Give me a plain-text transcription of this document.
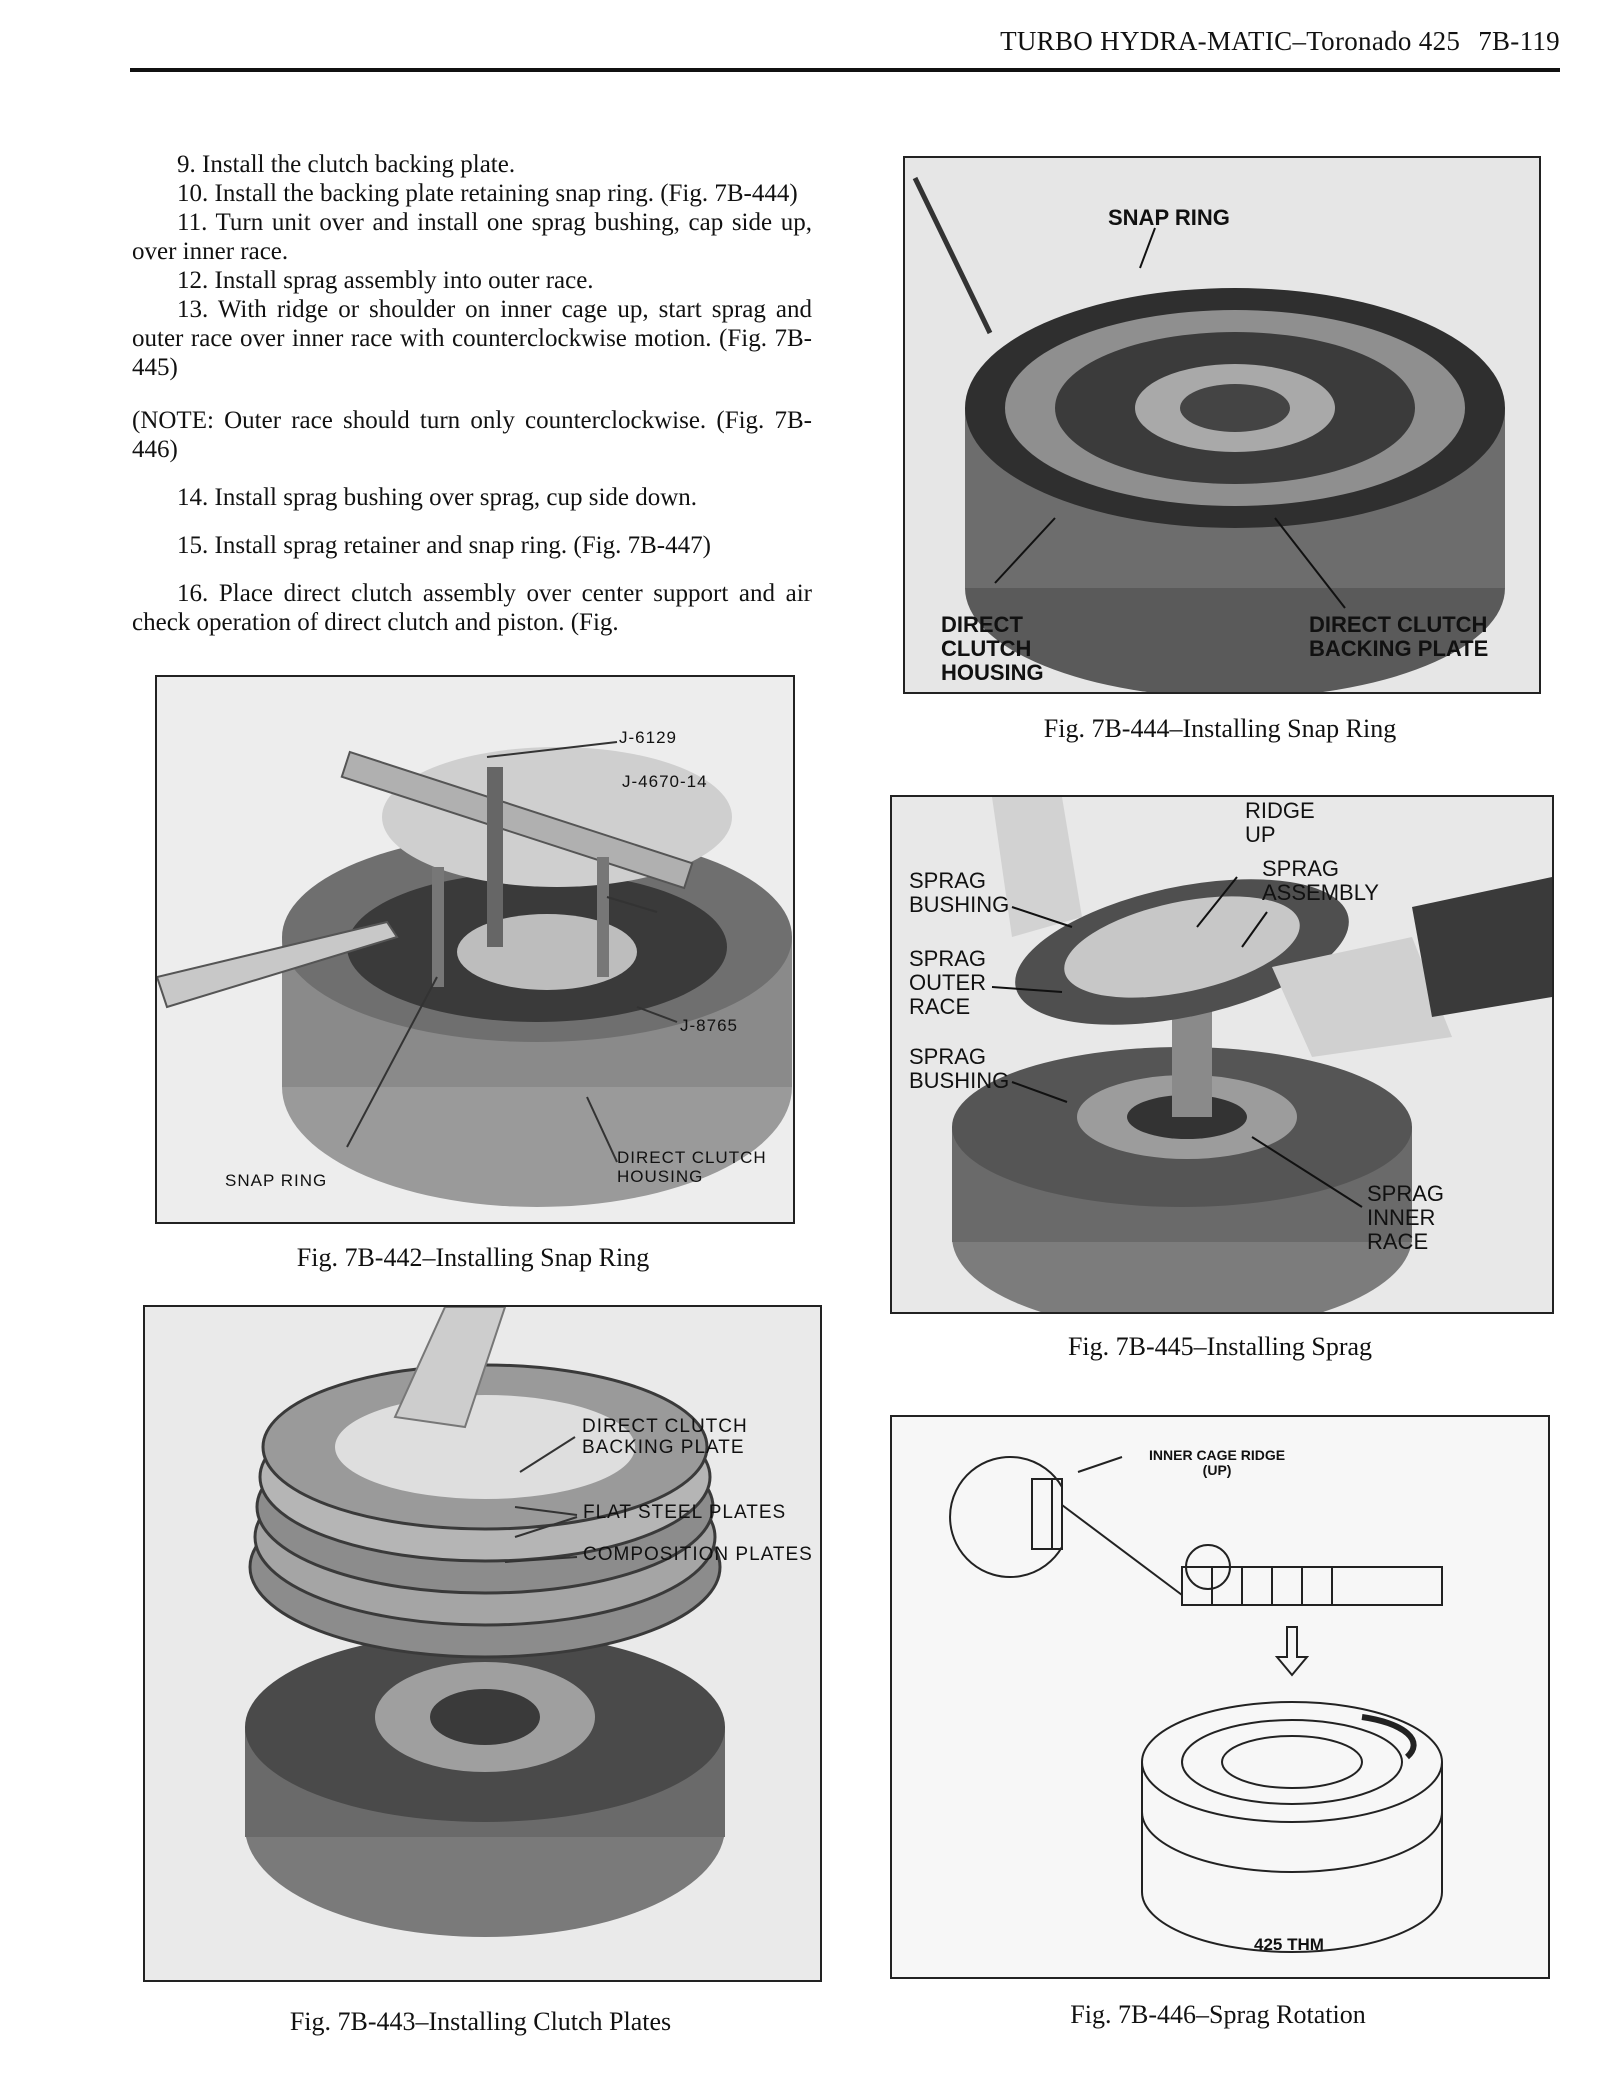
TURBO HYDRA-MATIC–Toronado 425 7B-119

9. Install the clutch backing plate.

10. Install the backing plate retaining snap ring. (Fig. 7B-444)

11. Turn unit over and install one sprag bushing, cap side up, over inner race.

12. Install sprag assembly into outer race.

13. With ridge or shoulder on inner cage up, start sprag and outer race over inner race with counterclockwise motion. (Fig. 7B-445)

(NOTE: Outer race should turn only counterclockwise. (Fig. 7B-446)

14. Install sprag bushing over sprag, cup side down.

15. Install sprag retainer and snap ring. (Fig. 7B-447)

16. Place direct clutch assembly over center support and air check operation of direct clutch and piston. (Fig.

J-6129
J-4670-14
J-8765
SNAP RING
DIRECT CLUTCH
HOUSING
Fig. 7B-442–Installing Snap Ring
DIRECT CLUTCH
BACKING PLATE
FLAT STEEL PLATES
COMPOSITION PLATES
Fig. 7B-443–Installing Clutch Plates
SNAP RING
DIRECT
CLUTCH
HOUSING
DIRECT CLUTCH
BACKING PLATE
Fig. 7B-444–Installing Snap Ring
RIDGE
UP
SPRAG
ASSEMBLY
SPRAG
BUSHING
SPRAG
OUTER
RACE
SPRAG
BUSHING
SPRAG
INNER
RACE
Fig. 7B-445–Installing Sprag
INNER CAGE RIDGE
(UP)
425 THM
Fig. 7B-446–Sprag Rotation
